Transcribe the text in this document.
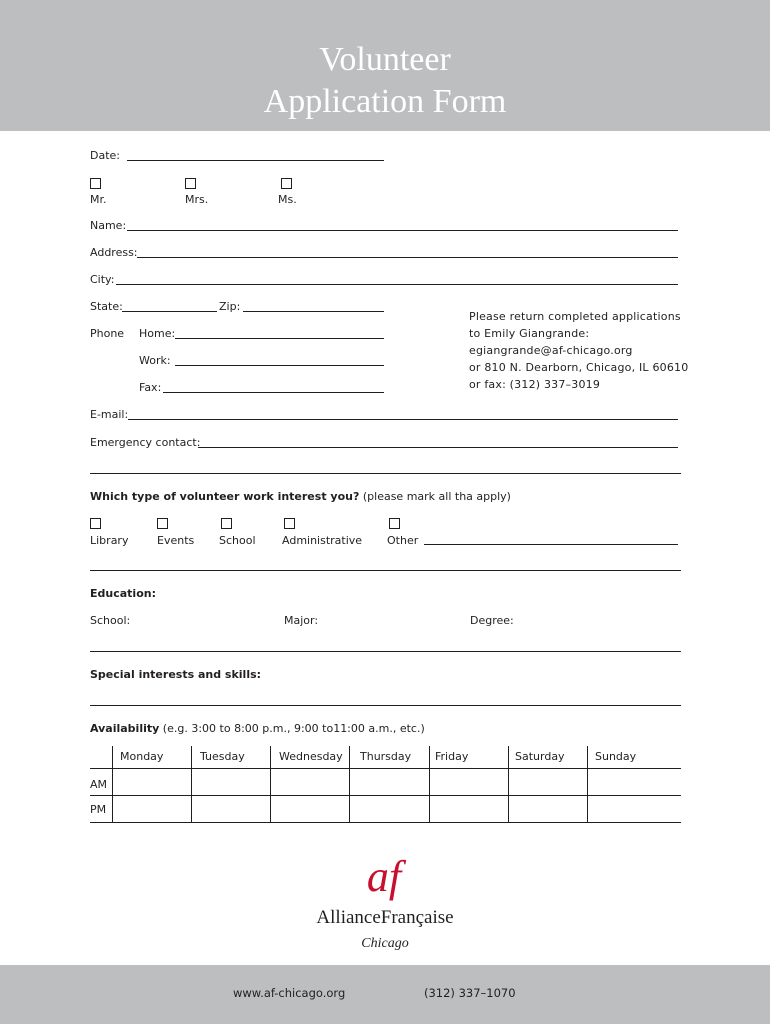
Volunteer
Application Form
Date:
Mr.	Mrs.	Ms.
Name:
Address:
City:
State:	Zip:
Phone Home:
Work:
Fax:
Please return completed applications
to Emily Giangrande:
egiangrande@af-chicago.org
or 810 N. Dearborn, Chicago, IL 60610
or fax: (312) 337–3019
E-mail:
Emergency contact:
Which type of volunteer work interest you? (please mark all tha apply)
Library	Events School Administrative Other
Education:
School:	Major:	Degree:
Special interests and skills:
Availability (e.g. 3:00 to 8:00 p.m., 9:00 to11:00 a.m., etc.)
Monday	Tuesday	Wednesday Thursday Friday	Saturday	Sunday
AM
PM
af
AllianceFrançaise
Chicago
www.af-chicago.org	(312) 337–1070
